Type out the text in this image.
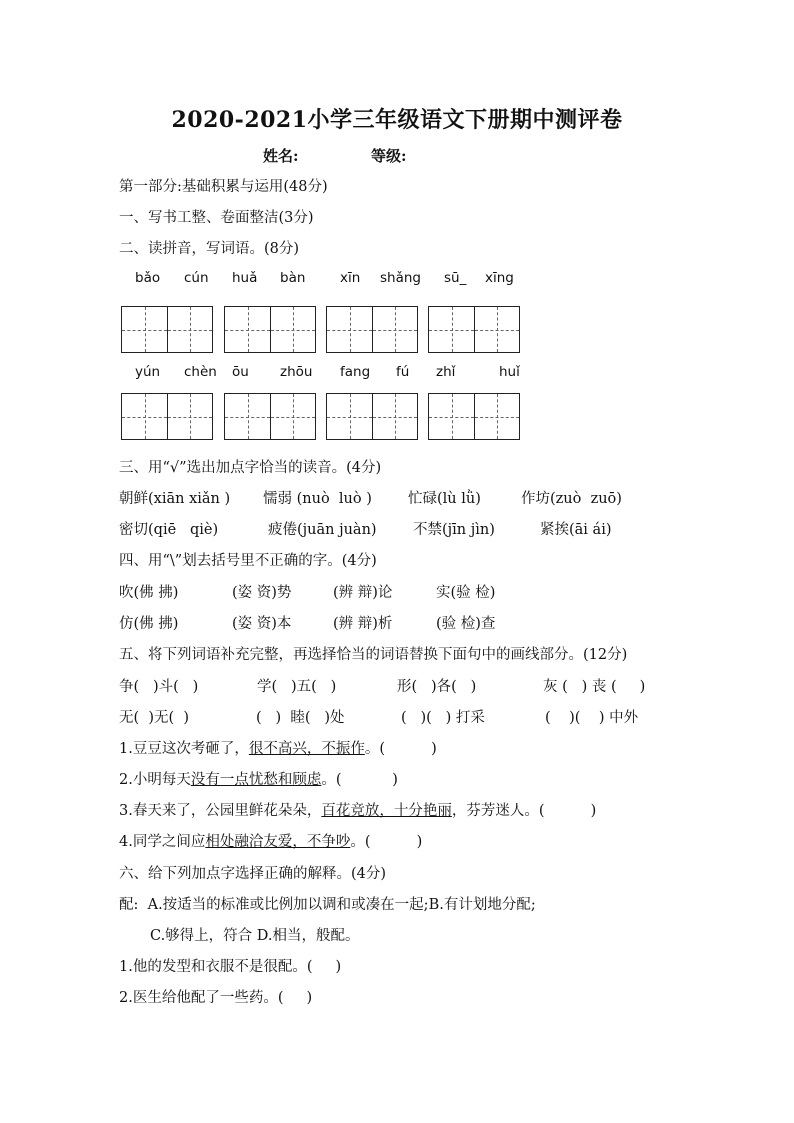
2020-2021小学三年级语文下册期中测评卷
姓名:	等级:
第一部分:基础积累与运用(48分)
一、写书工整、卷面整洁(3分)
二、读拼音，写词语。(8分)
bǎo cún huǎ bàn	xīn shǎng sū_ xīng
yún chèn ōu zhōu fang fú zhǐ	huǐ
三、用“√”选出加点字恰当的读音。(4分)
朝鲜(xiān xiǎn ) 懦弱 (nuò  luò ) 忙碌(lù lǜ)	作坊(zuò  zuō)
密切(qiē   qiè)	疲倦(juān juàn)	不禁(jīn jìn)	紧挨(āi ái)
四、用“\”划去括号里不正确的字。(4分)
吹(佛 拂)	(姿 资)势	(辨 辩)论	实(验 检)
仿(佛 拂)	(姿 资)本	(辨 辩)析	(验 检)查
五、将下列词语补充完整，再选择恰当的词语替换下面句中的画线部分。(12分)
争(   )斗(   )	学(   )五(   )	形(   )各(   )	灰 (   ) 丧 (     )
无(  )无(  )	(   )  睦(   )处	(   )(   ) 打采	(    )(    ) 中外
1.豆豆这次考砸了，很不高兴，不振作。(          )
2.小明每天没有一点忧愁和顾虑。(           )
3.春天来了，公园里鲜花朵朵，百花竞放，十分艳丽，芬芳迷人。(          )
4.同学之间应相处融洽友爱，不争吵。(          )
六、给下列加点字选择正确的解释。(4分)
配:  A.按适当的标准或比例加以调和或凑在一起;B.有计划地分配;
C.够得上，符合 D.相当，般配。
1.他的发型和衣服不是很配。(     )
2.医生给他配了一些药。(     )
